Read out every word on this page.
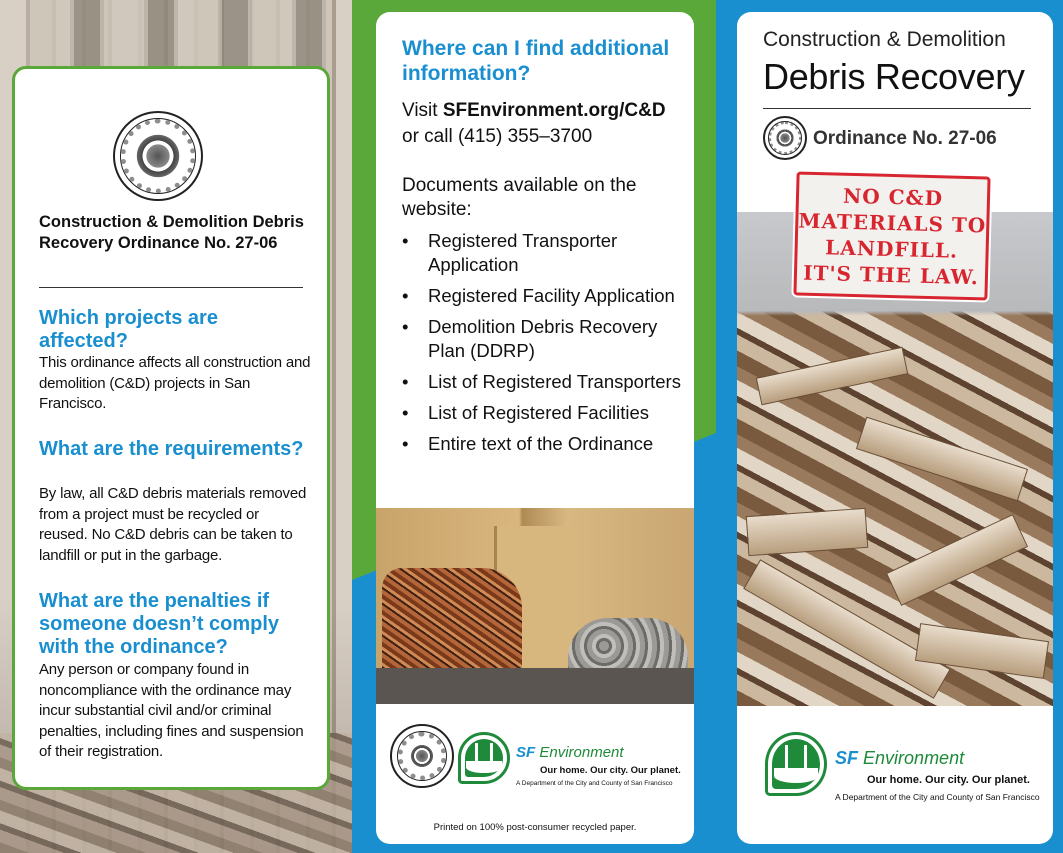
Construction & Demolition Debris Recovery Ordinance No. 27-06
Which projects are affected?
This ordinance affects all construction and demolition (C&D) projects in San Francisco.
What are the requirements?
By law, all C&D debris materials removed from a project must be recycled or reused. No C&D debris can be taken to landfill or put in the garbage.
What are the penalties if someone doesn’t comply with the ordinance?
Any person or company found in noncompliance with the ordinance may incur substantial civil and/or criminal penalties, including fines and suspension of their registration.
Where can I find additional information?
Visit SFEnvironment.org/C&D
or call (415) 355–3700
Documents available on the website:
• Registered Transporter Application
• Registered Facility Application
• Demolition Debris Recovery Plan (DDRP)
• List of Registered Transporters
• List of Registered Facilities
• Entire text of the Ordinance
SF Environment
Our home. Our city. Our planet.
A Department of the City and County of San Francisco
Printed on 100% post-consumer recycled paper.
Construction & Demolition
Debris Recovery
Ordinance No. 27-06
NO C&D
MATERIALS TO
LANDFILL.
IT'S THE LAW.
SF Environment
Our home. Our city. Our planet.
A Department of the City and County of San Francisco
